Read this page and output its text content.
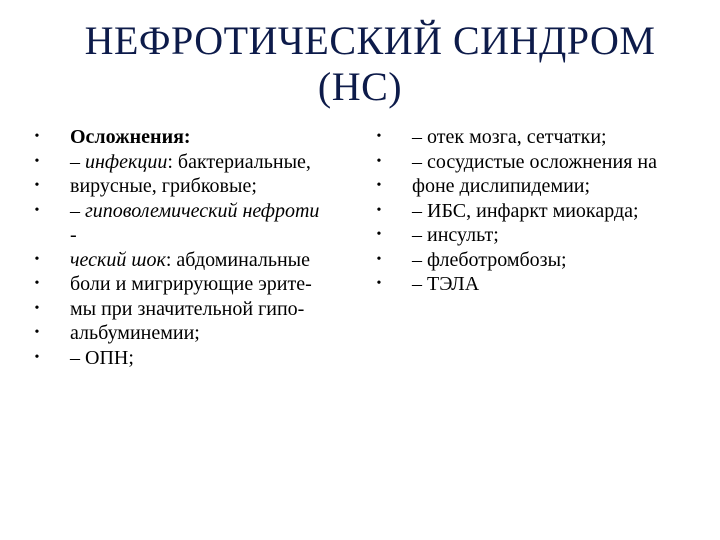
НЕФРОТИЧЕСКИЙ СИНДРОМ
(НС)
• Осложнения:
• – инфекции: бактериальные,
• вирусные, грибковые;
• – гиповолемический нефроти
-
• ческий шок: абдоминальные
• боли и мигрирующие эрите-
• мы при значительной гипо-
• альбуминемии;
• – ОПН;
• – отек мозга, сетчатки;
• – сосудистые осложнения на
• фоне дислипидемии;
• – ИБС, инфаркт миокарда;
• – инсульт;
• – флеботромбозы;
• – ТЭЛА
